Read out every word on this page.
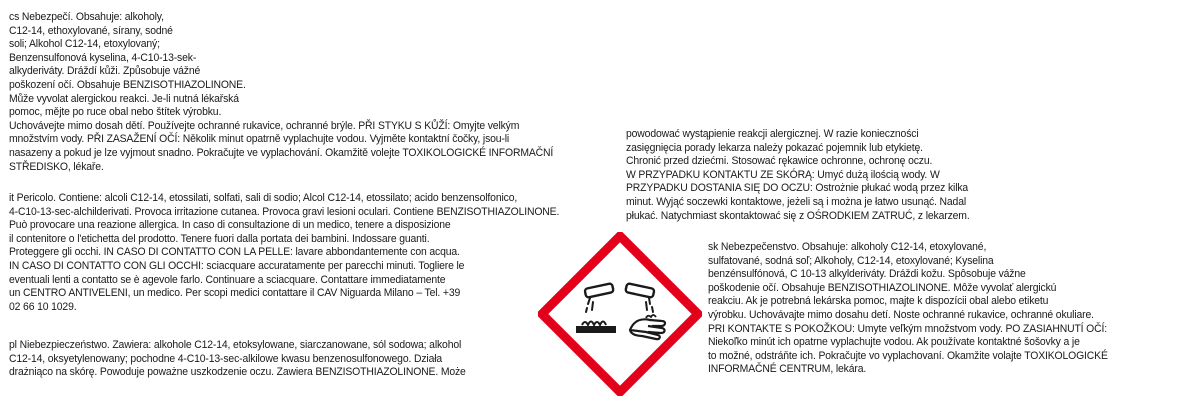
cs Nebezpečí. Obsahuje: alkoholy,

C12-14, ethoxylované, sírany, sodné

soli; Alkohol C12-14, etoxylovaný;

Benzensulfonová kyselina, 4-C10-13-sek-

alkyderiváty. Dráždí kůži. Způsobuje vážné

poškození očí. Obsahuje BENZISOTHIAZOLINONE.

Může vyvolat alergickou reakci. Je-li nutná lékařská

pomoc, mějte po ruce obal nebo štítek výrobku.

Uchovávejte mimo dosah dětí. Používejte ochranné rukavice, ochranné brýle. PŘI STYKU S KŮŽÍ: Omyjte velkým

množstvím vody. PŘI ZASAŽENÍ OČÍ: Několik minut opatrně vyplachujte vodou. Vyjměte kontaktní čočky, jsou-li

nasazeny a pokud je lze vyjmout snadno. Pokračujte ve vyplachování. Okamžitě volejte TOXIKOLOGICKÉ INFORMAČNÍ

STŘEDISKO, lékaře.

it Pericolo. Contiene: alcoli C12-14, etossilati, solfati, sali di sodio; Alcol C12-14, etossilato; acido benzensolfonico,

4-C10-13-sec-alchilderivati. Provoca irritazione cutanea. Provoca gravi lesioni oculari. Contiene BENZISOTHIAZOLINONE.

Può provocare una reazione allergica. In caso di consultazione di un medico, tenere a disposizione

il contenitore o l'etichetta del prodotto. Tenere fuori dalla portata dei bambini. Indossare guanti.

Proteggere gli occhi. IN CASO DI CONTATTO CON LA PELLE: lavare abbondantemente con acqua.

IN CASO DI CONTATTO CON GLI OCCHI: sciacquare accuratamente per parecchi minuti. Togliere le

eventuali lenti a contatto se è agevole farlo. Continuare a sciacquare. Contattare immediatamente

un CENTRO ANTIVELENI, un medico. Per scopi medici contattare il CAV Niguarda Milano – Tel. +39

02 66 10 1029.

pl Niebezpieczeństwo. Zawiera: alkohole C12-14, etoksylowane, siarczanowane, sól sodowa; alkohol

C12-14, oksyetylenowany; pochodne 4-C10-13-sec-alkilowe kwasu benzenosulfonowego. Działa

drażniąco na skórę. Powoduje poważne uszkodzenie oczu. Zawiera BENZISOTHIAZOLINONE. Może

powodować wystąpienie reakcji alergicznej. W razie konieczności

zasięgnięcia porady lekarza należy pokazać pojemnik lub etykietę.

Chronić przed dziećmi. Stosować rękawice ochronne, ochronę oczu.

W PRZYPADKU KONTAKTU ZE SKÓRĄ: Umyć dużą ilością wody. W

PRZYPADKU DOSTANIA SIĘ DO OCZU: Ostrożnie płukać wodą przez kilka

minut. Wyjąć soczewki kontaktowe, jeżeli są i można je łatwo usunąć. Nadal

płukać. Natychmiast skontaktować się z OŚRODKIEM ZATRUĆ, z lekarzem.

sk Nebezpečenstvo. Obsahuje: alkoholy C12-14, etoxylované,

sulfatované, sodná soľ; Alkoholy, C12-14, etoxylované; Kyselina

benzénsulfónová, C 10-13 alkylderiváty. Dráždi kožu. Spôsobuje vážne

poškodenie očí. Obsahuje BENZISOTHIAZOLINONE. Môže vyvolať alergickú

reakciu. Ak je potrebná lekárska pomoc, majte k dispozícii obal alebo etiketu

výrobku. Uchovávajte mimo dosahu detí. Noste ochranné rukavice, ochranné okuliare.

PRI KONTAKTE S POKOŽKOU: Umyte veľkým množstvom vody. PO ZASIAHNUTÍ OČÍ:

Niekoľko minút ich opatrne vyplachujte vodou. Ak používate kontaktné šošovky a je

to možné, odstráňte ich. Pokračujte vo vyplachovaní. Okamžite volajte TOXIKOLOGICKÉ

INFORMAČNÉ CENTRUM, lekára.
